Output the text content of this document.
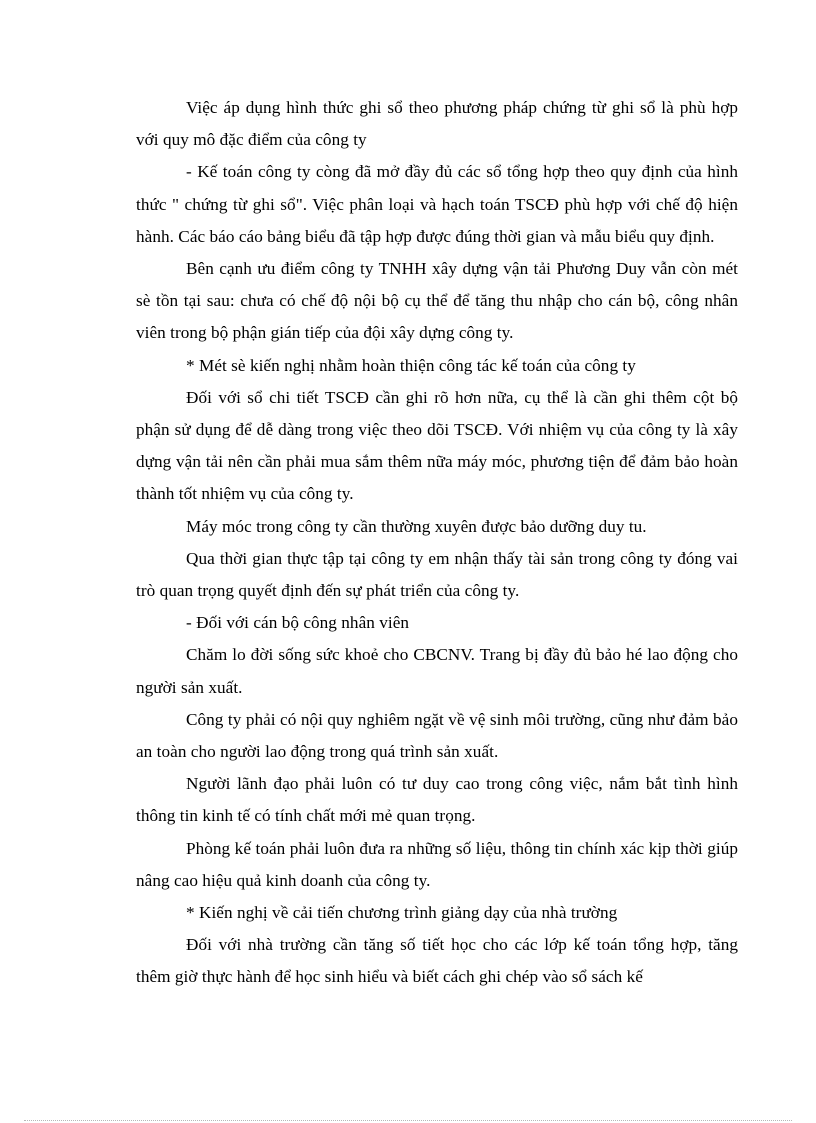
Việc áp dụng hình thức ghi sổ theo phương pháp chứng từ ghi sổ là phù hợp với quy mô đặc điểm của công ty

- Kế toán công ty còng đã mở đầy đủ các sổ tổng hợp theo quy định của hình thức " chứng từ ghi sổ". Việc phân loại và hạch toán TSCĐ phù hợp với chế độ hiện hành. Các báo cáo bảng biểu đã tập hợp được đúng thời gian và mẫu biểu quy định.

Bên cạnh ưu điểm công ty TNHH xây dựng vận tải Phương Duy vẫn còn mét sè tồn tại sau: chưa có chế độ nội bộ cụ thể để tăng thu nhập cho cán bộ, công nhân viên trong bộ phận gián tiếp của đội xây dựng công ty.

* Mét sè kiến nghị nhằm hoàn thiện công tác kế toán của công ty

Đối với sổ chi tiết TSCĐ cần ghi rõ hơn nữa, cụ thể là cần ghi thêm cột bộ phận sử dụng để dễ dàng trong việc theo dõi TSCĐ. Với nhiệm vụ của công ty là xây dựng vận tải nên cần phải mua sắm thêm nữa máy móc, phương tiện để đảm bảo hoàn thành tốt nhiệm vụ của công ty.

Máy móc trong công ty cần thường xuyên được bảo dưỡng duy tu.

Qua thời gian thực tập tại công ty em nhận thấy tài sản trong công ty đóng vai trò quan trọng quyết định đến sự phát triển của công ty.

- Đối với cán bộ công nhân viên

Chăm lo đời sống sức khoẻ cho CBCNV. Trang bị đầy đủ bảo hé lao động cho người sản xuất.

Công ty phải có nội quy nghiêm ngặt về vệ sinh môi trường, cũng như đảm bảo an toàn cho người lao động trong quá trình sản xuất.

Người lãnh đạo phải luôn có tư duy cao trong công việc, nắm bắt tình hình thông tin kinh tế có tính chất mới mẻ quan trọng.

Phòng kế toán phải luôn đưa ra những số liệu, thông tin chính xác kịp thời giúp nâng cao hiệu quả kinh doanh của công ty.

* Kiến nghị về cải tiến chương trình giảng dạy của nhà trường

Đối với nhà trường cần tăng số tiết học cho các lớp kế toán tổng hợp, tăng thêm giờ thực hành để học sinh hiểu và biết cách ghi chép vào sổ sách kế
